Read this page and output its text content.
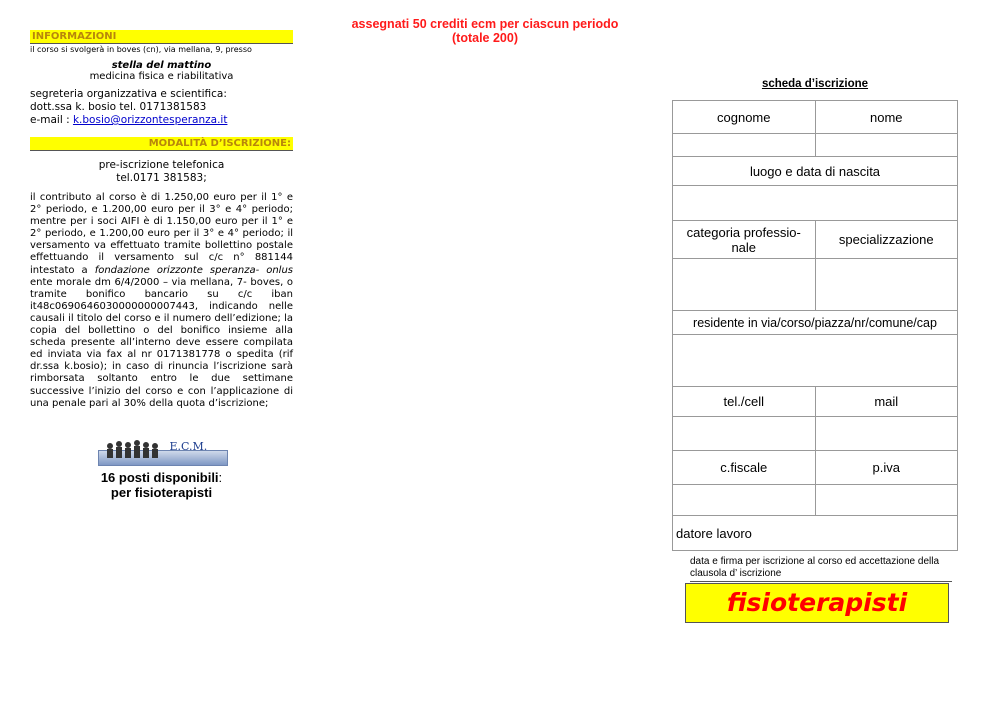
INFORMAZIONI
il corso si svolgerà in boves (cn), via mellana, 9, presso
stella del mattino
medicina fisica e riabilitativa
segreteria organizzativa e scientifica:
dott.ssa k. bosio tel. 0171381583
e-mail : k.bosio@orizzontesperanza.it
MODALITÀ D’ISCRIZIONE:
pre-iscrizione telefonica
tel.0171 381583;
il contributo al corso è di 1.250,00 euro per il 1° e 2° periodo, e 1.200,00 euro per il 3° e 4° periodo; mentre per i soci AIFI è di 1.150,00 euro per il 1° e 2° periodo, e 1.200,00 euro per il 3° e 4° periodo; il versamento va effettuato tramite bollettino postale effettuando il versamento sul c/c n° 881144 intestato a fondazione orizzonte speranza- onlus ente morale dm 6/4/2000 – via mellana, 7- boves, o tramite bonifico bancario su c/c iban it48c0690646030000000007443, indicando nelle causali il titolo del corso e il numero dell’edizione; la copia del bollettino o del bonifico insieme alla scheda presente all’interno deve essere compilata ed inviata via fax al nr 0171381778 o spedita (rif dr.ssa k.bosio); in caso di rinuncia l’iscrizione sarà rimborsata soltanto entro le due settimane successive l’inizio del corso e con l’applicazione di una penale pari al 30% della quota d’iscrizione;
E.C.M.
16 posti disponibili:
per fisioterapisti
assegnati 50 crediti ecm per ciascun periodo (totale 200)
scheda d’iscrizione
cognome	nome

luogo e data di nascita	

categoria professio-nale	specializzazione

residente in via/corso/piazza/nr/comune/cap	

tel./cell	mail

c.fiscale	p.iva

datore lavoro	
data e firma per iscrizione al corso ed accettazione della clausola d’ iscrizione
fisioterapisti
